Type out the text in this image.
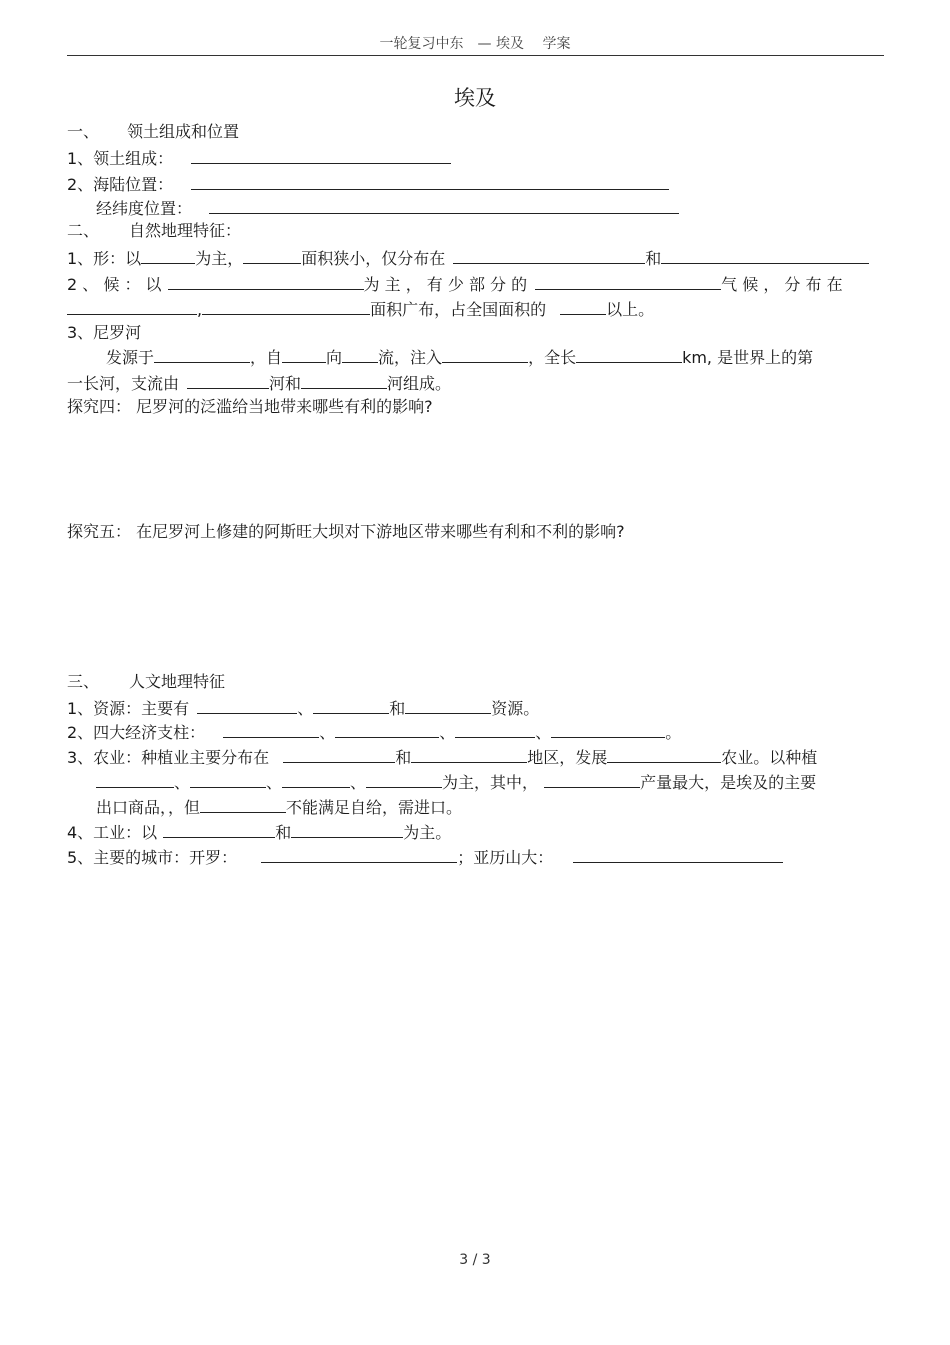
一轮复习中东　— 埃及　 学案
埃及
一、 领土组成和位置
1、领土组成：
2、海陆位置：
经纬度位置：
二、 自然地理特征：
1、形：以	为主，	面积狭小，仅分布在	和
2 、 候 ： 以	为 主 ， 有 少 部 分 的	气 候 ， 分 布 在
,	面积广布，占全国面积的	以上。
3、尼罗河
发源于	，自	向 流，注入	，全长	km, 是世界上的第
一长河，支流由	河和	河组成。
探究四： 尼罗河的泛滥给当地带来哪些有利的影响?
探究五： 在尼罗河上修建的阿斯旺大坝对下游地区带来哪些有利和不利的影响?
三、 人文地理特征
1、资源：主要有	、	和	资源。
2、四大经济支柱：	、	、	、	。
3、农业：种植业主要分布在	和	地区，发展	农业。以种植
、	、	、	为主，其中，	产量最大，是埃及的主要
出口商品，，但	不能满足自给，需进口。
4、工业：以	和	为主。
5、主要的城市：开罗：	；亚历山大：
3 / 3
